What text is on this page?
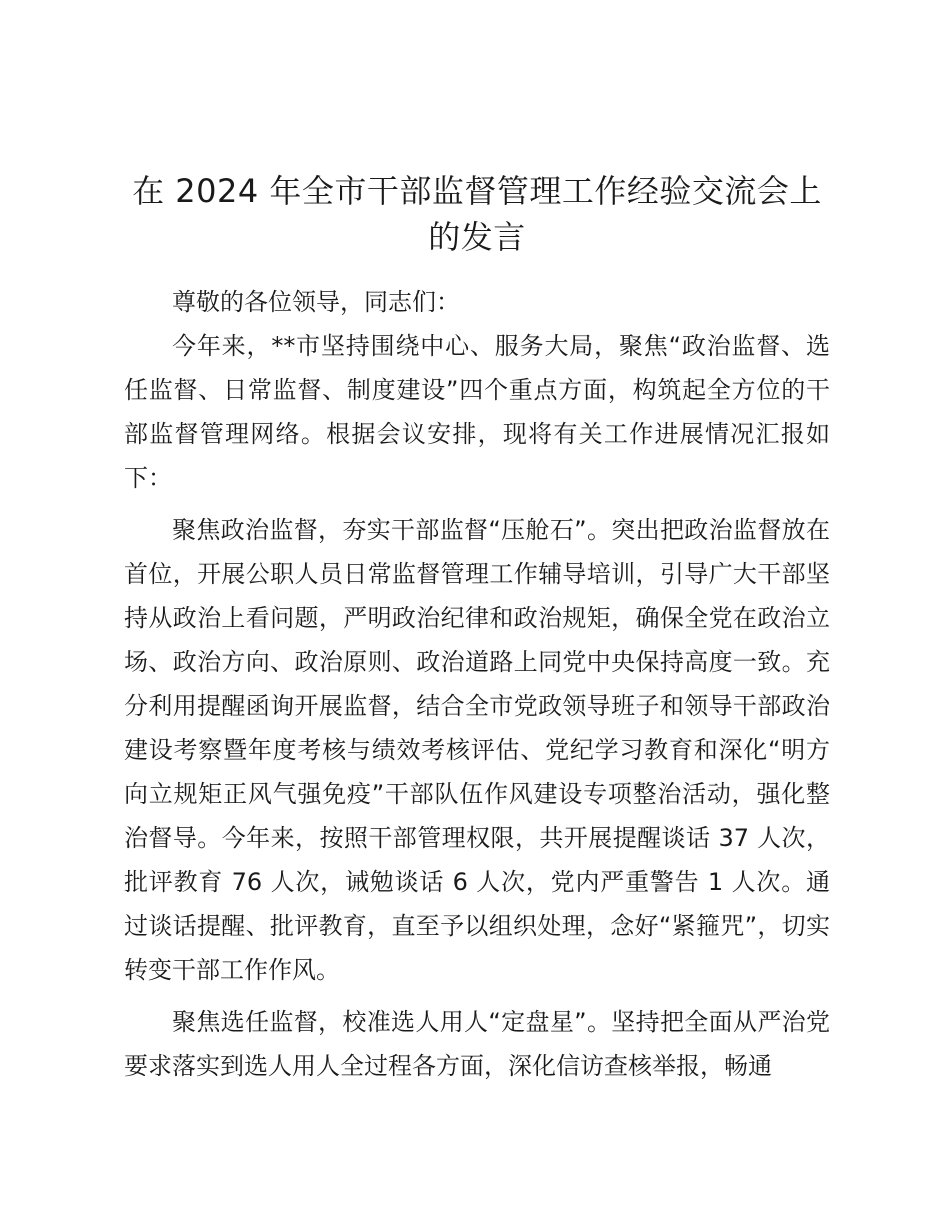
在 2024 年全市干部监督管理工作经验交流会上的发言

尊敬的各位领导，同志们：

今年来，**市坚持围绕中心、服务大局，聚焦“政治监督、选任监督、日常监督、制度建设”四个重点方面，构筑起全方位的干部监督管理网络。根据会议安排，现将有关工作进展情况汇报如下：

聚焦政治监督，夯实干部监督“压舱石”。突出把政治监督放在首位，开展公职人员日常监督管理工作辅导培训，引导广大干部坚持从政治上看问题，严明政治纪律和政治规矩，确保全党在政治立场、政治方向、政治原则、政治道路上同党中央保持高度一致。充分利用提醒函询开展监督，结合全市党政领导班子和领导干部政治建设考察暨年度考核与绩效考核评估、党纪学习教育和深化“明方向立规矩正风气强免疫”干部队伍作风建设专项整治活动，强化整治督导。今年来，按照干部管理权限，共开展提醒谈话 37 人次，批评教育 76 人次，诫勉谈话 6 人次，党内严重警告 1 人次。通过谈话提醒、批评教育，直至予以组织处理，念好“紧箍咒”，切实转变干部工作作风。

聚焦选任监督，校准选人用人“定盘星”。坚持把全面从严治党要求落实到选人用人全过程各方面，深化信访查核举报，畅通
